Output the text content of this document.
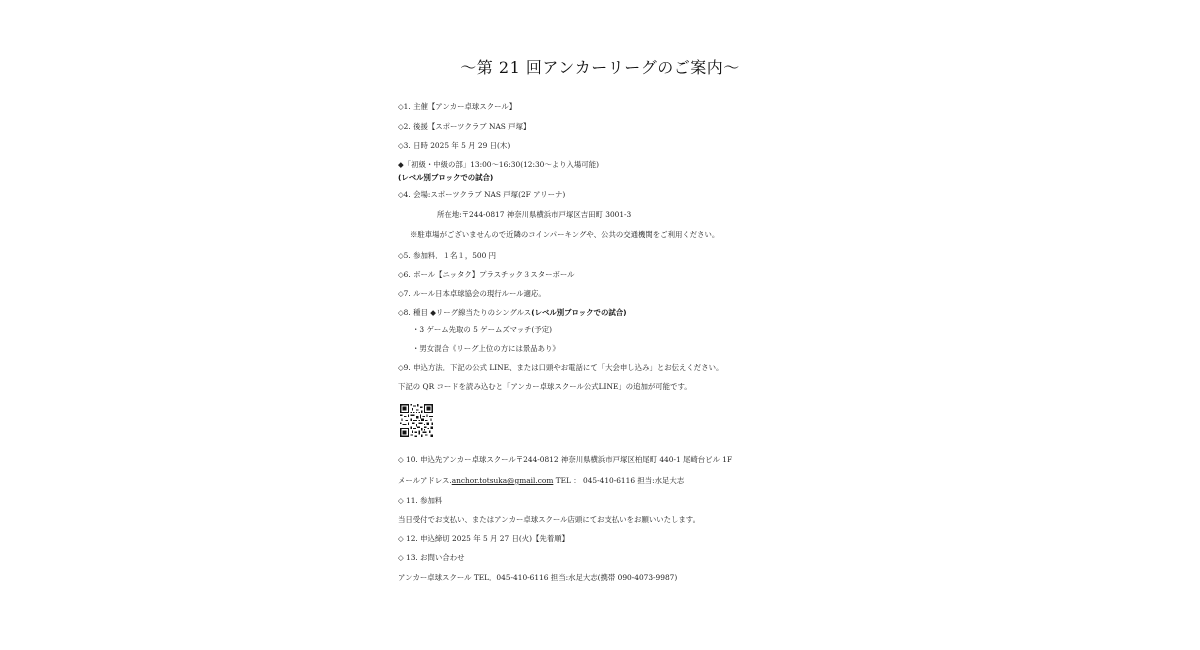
〜第 21 回アンカーリーグのご案内〜
◇1. 主催【アンカー卓球スクール】
◇2. 後援【スポーツクラブ NAS 戸塚】
◇3. 日時 2025 年 5 月 29 日(木)
◆「初級・中級の部」13:00〜16:30(12:30〜より入場可能)
(レベル別ブロックでの試合)
◇4. 会場:スポーツクラブ NAS 戸塚(2F アリーナ)
所在地:〒244-0817 神奈川県横浜市戸塚区吉田町 3001-3
※駐車場がございませんので近隣のコインパーキングや、公共の交通機関をご利用ください。
◇5. 参加料．１名１，500 円
◇6. ボール【ニッタク】プラスチック３スターボール
◇7. ルール日本卓球協会の現行ルール適応。
◇8. 種目 ◆リーグ線当たりのシングルス(レベル別ブロックでの試合)
・3 ゲーム先取の 5 ゲームズマッチ(予定)
・男女混合《リーグ上位の方には景品あり》
◇9. 申込方法．下記の公式 LINE、または口頭やお電話にて「大会申し込み」とお伝えください。
下記の QR コードを読み込むと「アンカー卓球スクール公式LINE」の追加が可能です。
◇ 10. 申込先アンカー卓球スクール〒244-0812 神奈川県横浜市戸塚区柏尾町 440-1 尾崎台ビル 1F
メールアドレス.anchor.totsuka@gmail.com TEL ： 045-410-6116 担当:水足大志
◇ 11. 参加料
当日受付でお支払い、またはアンカー卓球スクール店頭にてお支払いをお願いいたします。
◇ 12. 申込締切 2025 年 5 月 27 日(火)【先着順】
◇ 13. お問い合わせ
アンカー卓球スクール TEL．045-410-6116 担当:水足大志(携帯 090-4073-9987)
